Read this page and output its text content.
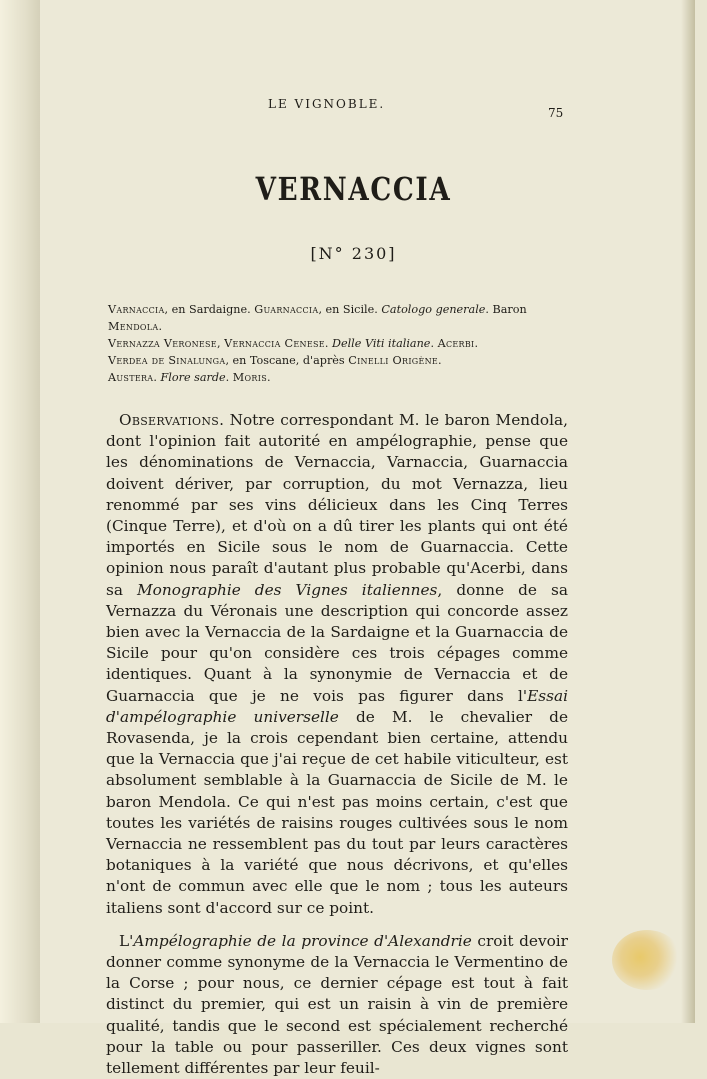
LE VIGNOBLE.
75
VERNACCIA
[N° 230]

Varnaccia, en Sardaigne. Guarnaccia, en Sicile. Catologo generale. Baron Mendola.

Vernazza Veronese, Vernaccia Cenese. Delle Viti italiane. Acerbi.

Verdea de Sinalunga, en Toscane, d'après Cinelli Origène.

Austera. Flore sarde. Moris.

Observations. Notre correspondant M. le baron Mendola, dont l'opinion fait autorité en ampélographie, pense que les dénominations de Vernaccia, Varnaccia, Guarnaccia doivent dériver, par corruption, du mot Vernazza, lieu renommé par ses vins délicieux dans les Cinq Terres (Cinque Terre), et d'où on a dû tirer les plants qui ont été importés en Sicile sous le nom de Guarnaccia. Cette opinion nous paraît d'autant plus probable qu'Acerbi, dans sa Monographie des Vignes italiennes, donne de sa Vernazza du Véronais une description qui concorde assez bien avec la Vernaccia de la Sardaigne et la Guarnaccia de Sicile pour qu'on considère ces trois cépages comme identiques. Quant à la synonymie de Vernaccia et de Guarnaccia que je ne vois pas figurer dans l'Essai d'ampélographie universelle de M. le chevalier de Rovasenda, je la crois cependant bien certaine, attendu que la Vernaccia que j'ai reçue de cet habile viticulteur, est absolument semblable à la Guarnaccia de Sicile de M. le baron Mendola. Ce qui n'est pas moins certain, c'est que toutes les variétés de raisins rouges cultivées sous le nom Vernaccia ne ressemblent pas du tout par leurs caractères botaniques à la variété que nous décrivons, et qu'elles n'ont de commun avec elle que le nom ; tous les auteurs italiens sont d'accord sur ce point.

L'Ampélographie de la province d'Alexandrie croit devoir donner comme synonyme de la Vernaccia le Vermentino de la Corse ; pour nous, ce dernier cépage est tout à fait distinct du premier, qui est un raisin à vin de première qualité, tandis que le second est spécialement recherché pour la table ou pour passeriller. Ces deux vignes sont tellement différentes par leur feuil-
